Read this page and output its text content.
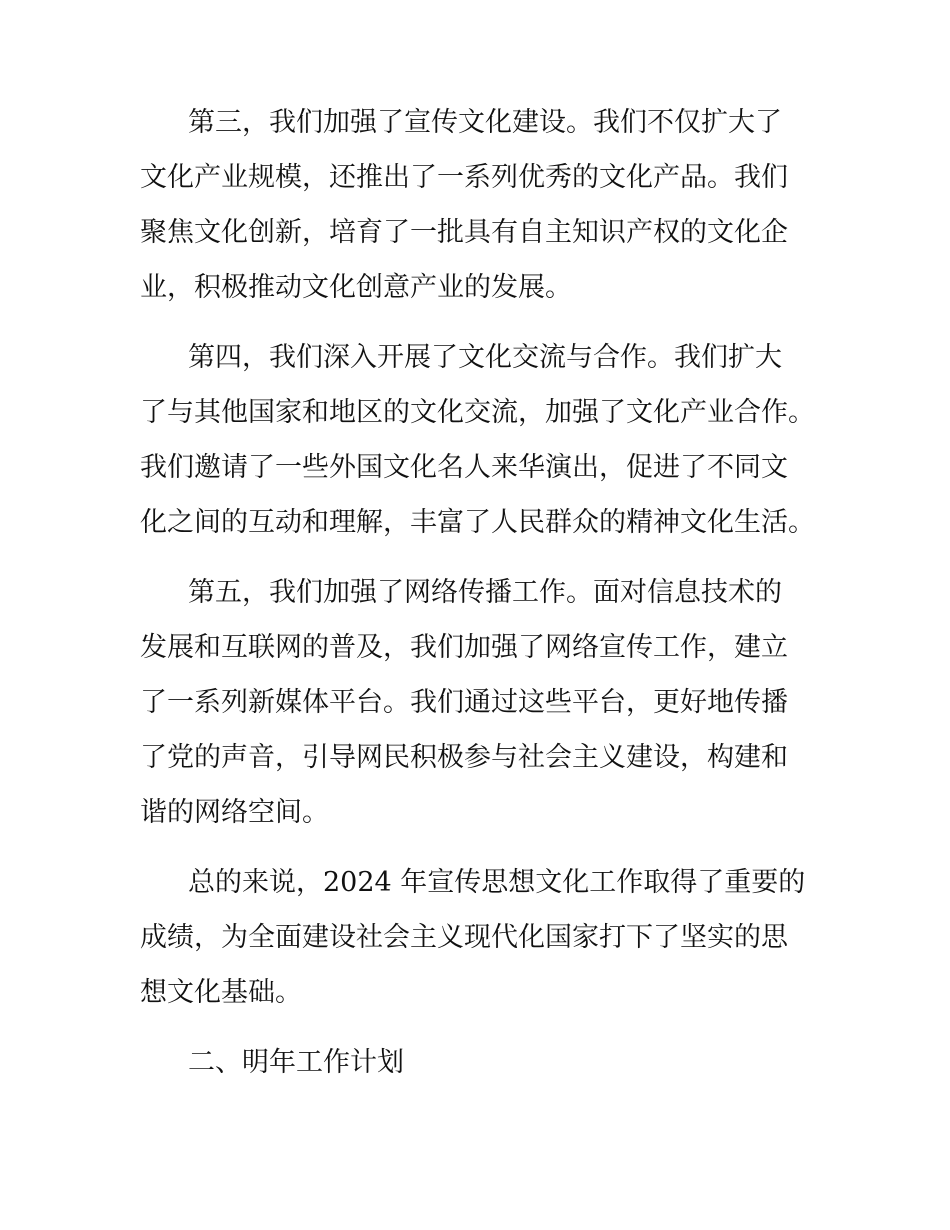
第三，我们加强了宣传文化建设。我们不仅扩大了
文化产业规模，还推出了一系列优秀的文化产品。我们
聚焦文化创新，培育了一批具有自主知识产权的文化企
业，积极推动文化创意产业的发展。
第四，我们深入开展了文化交流与合作。我们扩大
了与其他国家和地区的文化交流，加强了文化产业合作。
我们邀请了一些外国文化名人来华演出，促进了不同文
化之间的互动和理解，丰富了人民群众的精神文化生活。
第五，我们加强了网络传播工作。面对信息技术的
发展和互联网的普及，我们加强了网络宣传工作，建立
了一系列新媒体平台。我们通过这些平台，更好地传播
了党的声音，引导网民积极参与社会主义建设，构建和
谐的网络空间。
总的来说，2024 年宣传思想文化工作取得了重要的
成绩，为全面建设社会主义现代化国家打下了坚实的思
想文化基础。
二、明年工作计划
